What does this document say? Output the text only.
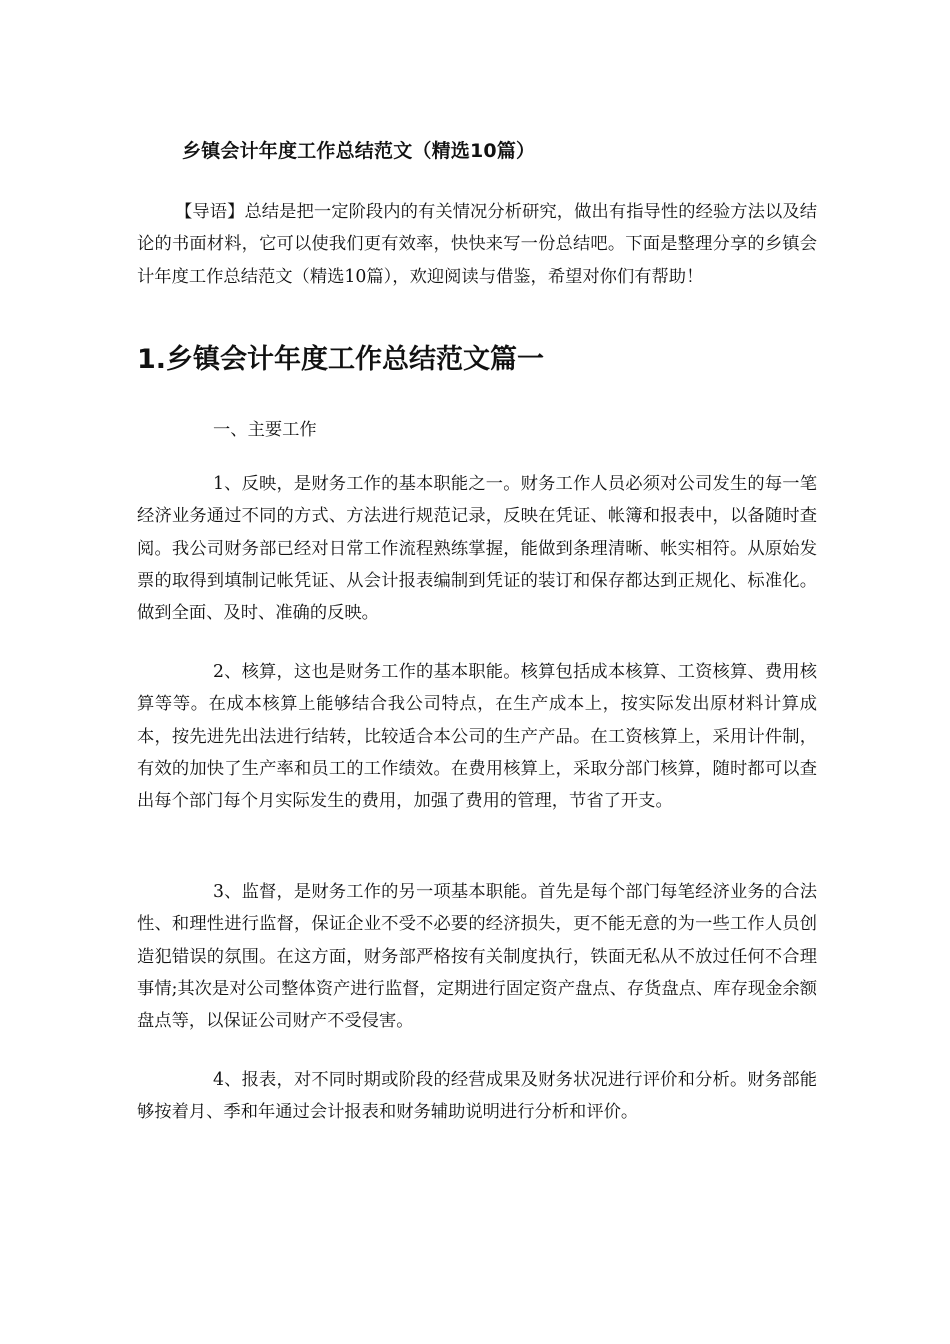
乡镇会计年度工作总结范文（精选10篇）

【导语】总结是把一定阶段内的有关情况分析研究，做出有指导性的经验方法以及结论的书面材料，它可以使我们更有效率，快快来写一份总结吧。下面是整理分享的乡镇会计年度工作总结范文（精选10篇），欢迎阅读与借鉴，希望对你们有帮助！

1.乡镇会计年度工作总结范文篇一
一、主要工作

1、反映，是财务工作的基本职能之一。财务工作人员必须对公司发生的每一笔经济业务通过不同的方式、方法进行规范记录，反映在凭证、帐簿和报表中，以备随时查阅。我公司财务部已经对日常工作流程熟练掌握，能做到条理清晰、帐实相符。从原始发票的取得到填制记帐凭证、从会计报表编制到凭证的装订和保存都达到正规化、标准化。做到全面、及时、准确的反映。

2、核算，这也是财务工作的基本职能。核算包括成本核算、工资核算、费用核算等等。在成本核算上能够结合我公司特点，在生产成本上，按实际发出原材料计算成本，按先进先出法进行结转，比较适合本公司的生产产品。在工资核算上，采用计件制，有效的加快了生产率和员工的工作绩效。在费用核算上，采取分部门核算，随时都可以查出每个部门每个月实际发生的费用，加强了费用的管理，节省了开支。

3、监督，是财务工作的另一项基本职能。首先是每个部门每笔经济业务的合法性、和理性进行监督，保证企业不受不必要的经济损失，更不能无意的为一些工作人员创造犯错误的氛围。在这方面，财务部严格按有关制度执行，铁面无私从不放过任何不合理事情;其次是对公司整体资产进行监督，定期进行固定资产盘点、存货盘点、库存现金余额盘点等，以保证公司财产不受侵害。

4、报表，对不同时期或阶段的经营成果及财务状况进行评价和分析。财务部能够按着月、季和年通过会计报表和财务辅助说明进行分析和评价。
